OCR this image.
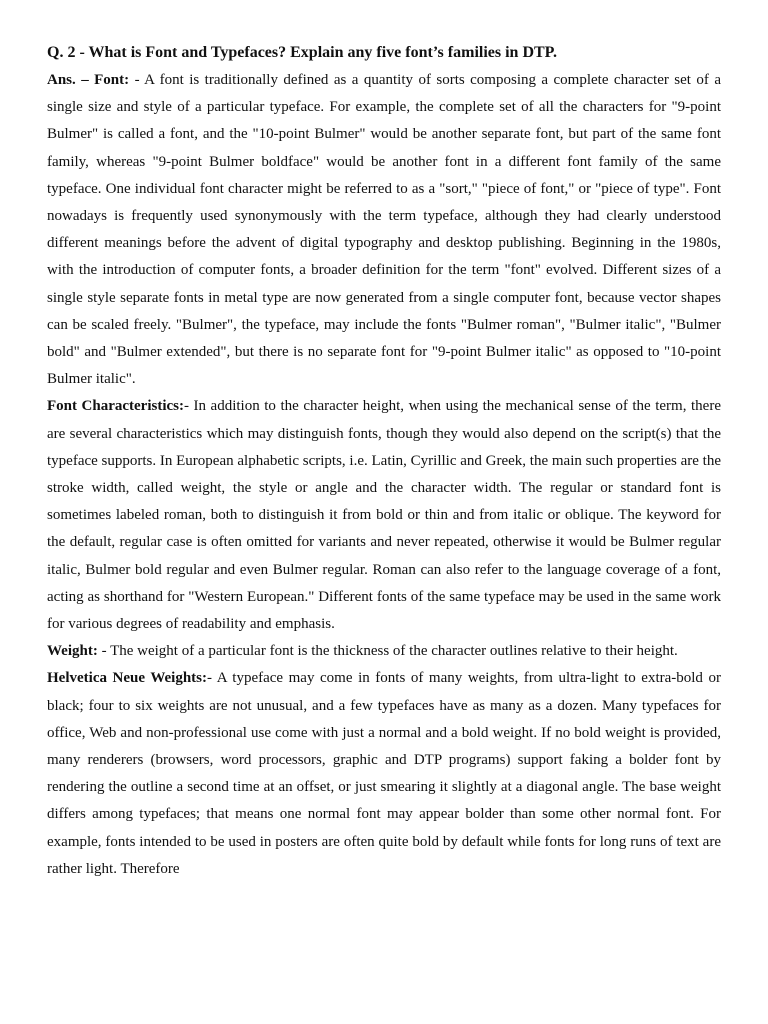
Q. 2 - What is Font and Typefaces? Explain any five font’s families in DTP.

Ans. – Font: - A font is traditionally defined as a quantity of sorts composing a complete character set of a single size and style of a particular typeface. For example, the complete set of all the characters for "9-point Bulmer" is called a font, and the "10-point Bulmer" would be another separate font, but part of the same font family, whereas "9-point Bulmer boldface" would be another font in a different font family of the same typeface. One individual font character might be referred to as a "sort," "piece of font," or "piece of type". Font nowadays is frequently used synonymously with the term typeface, although they had clearly understood different meanings before the advent of digital typography and desktop publishing. Beginning in the 1980s, with the introduction of computer fonts, a broader definition for the term "font" evolved. Different sizes of a single style separate fonts in metal type are now generated from a single computer font, because vector shapes can be scaled freely. "Bulmer", the typeface, may include the fonts "Bulmer roman", "Bulmer italic", "Bulmer bold" and "Bulmer extended", but there is no separate font for "9-point Bulmer italic" as opposed to "10-point Bulmer italic".

Font Characteristics:- In addition to the character height, when using the mechanical sense of the term, there are several characteristics which may distinguish fonts, though they would also depend on the script(s) that the typeface supports. In European alphabetic scripts, i.e. Latin, Cyrillic and Greek, the main such properties are the stroke width, called weight, the style or angle and the character width. The regular or standard font is sometimes labeled roman, both to distinguish it from bold or thin and from italic or oblique. The keyword for the default, regular case is often omitted for variants and never repeated, otherwise it would be Bulmer regular italic, Bulmer bold regular and even Bulmer regular. Roman can also refer to the language coverage of a font, acting as shorthand for "Western European." Different fonts of the same typeface may be used in the same work for various degrees of readability and emphasis.

Weight: - The weight of a particular font is the thickness of the character outlines relative to their height.

Helvetica Neue Weights:- A typeface may come in fonts of many weights, from ultra-light to extra-bold or black; four to six weights are not unusual, and a few typefaces have as many as a dozen. Many typefaces for office, Web and non-professional use come with just a normal and a bold weight. If no bold weight is provided, many renderers (browsers, word processors, graphic and DTP programs) support faking a bolder font by rendering the outline a second time at an offset, or just smearing it slightly at a diagonal angle. The base weight differs among typefaces; that means one normal font may appear bolder than some other normal font. For example, fonts intended to be used in posters are often quite bold by default while fonts for long runs of text are rather light. Therefore
